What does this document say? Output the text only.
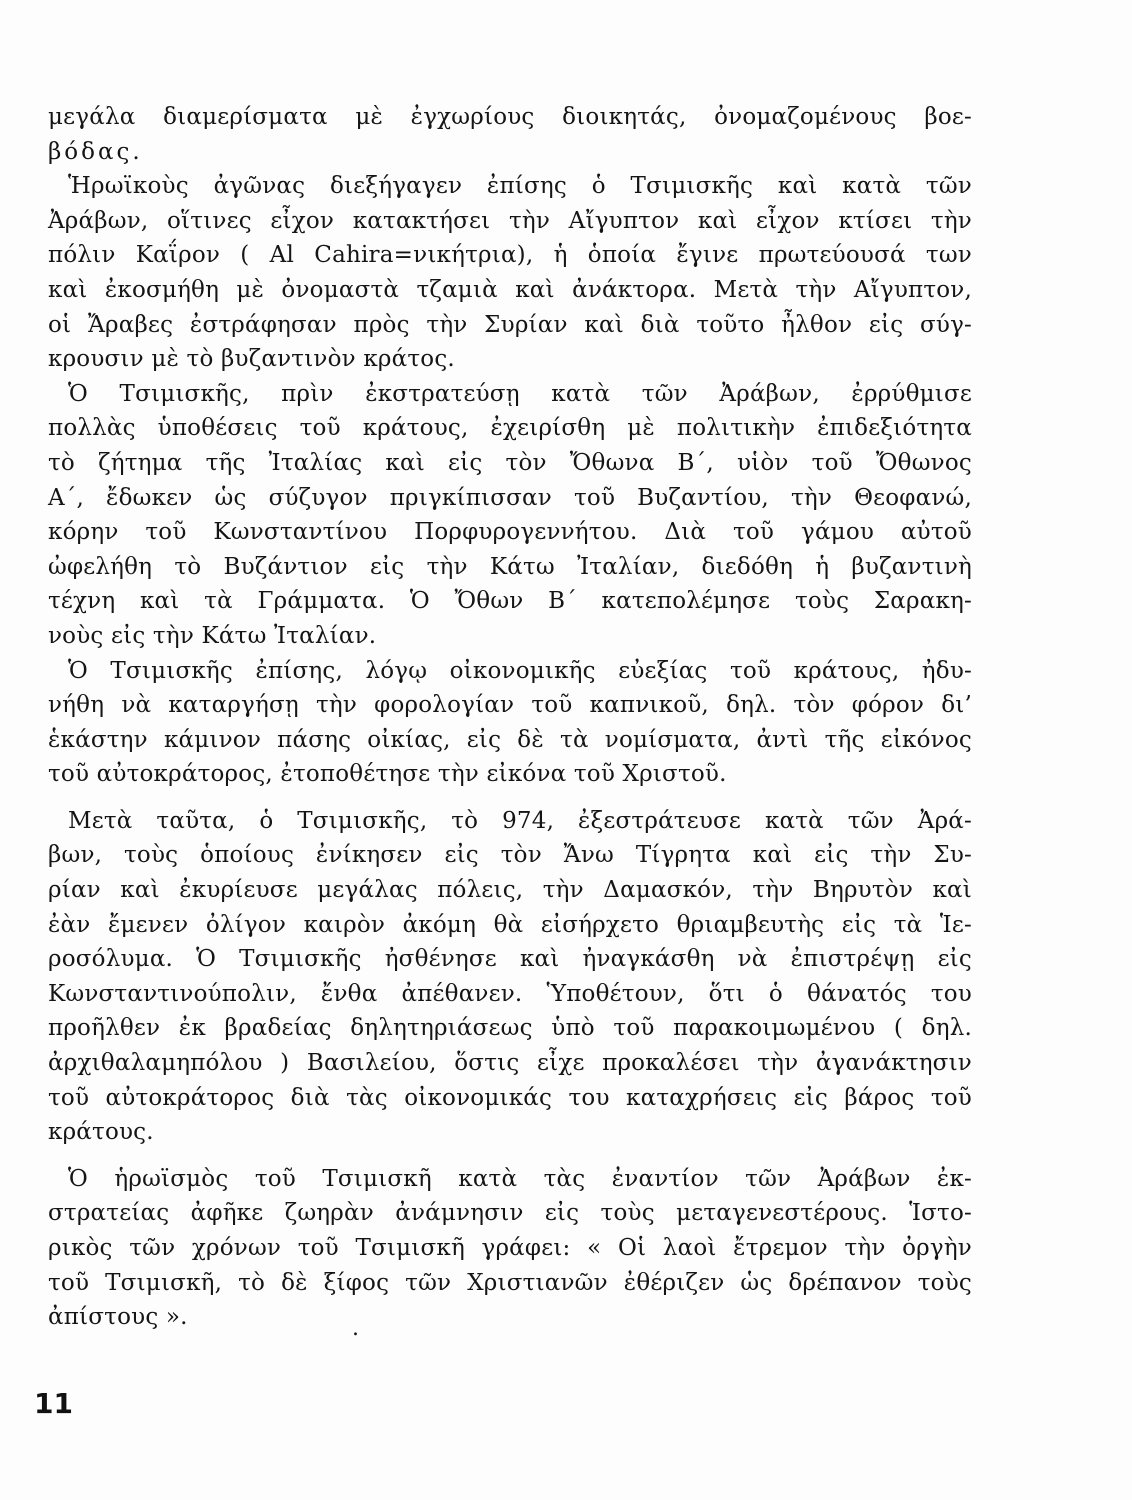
μεγάλα διαμερίσματα μὲ ἐγχωρίους διοικητάς, ὀνομαζομένους βοε-
βόδας.

Ἡρωϊκοὺς ἀγῶνας διεξήγαγεν ἐπίσης ὁ Τσιμισκῆς καὶ κατὰ τῶν
Ἀράβων, οἵτινες εἶχον κατακτήσει τὴν Αἴγυπτον καὶ εἶχον κτίσει τὴν
πόλιν Καΐρον ( Al Cahira=νικήτρια), ἡ ὁποία ἔγινε πρωτεύουσά των
καὶ ἐκοσμήθη μὲ ὀνομαστὰ τζαμιὰ καὶ ἀνάκτορα. Μετὰ τὴν Αἴγυπτον,
οἱ Ἄραβες ἐστράφησαν πρὸς τὴν Συρίαν καὶ διὰ τοῦτο ἦλθον εἰς σύγ-
κρουσιν μὲ τὸ βυζαντινὸν κράτος.

Ὁ Τσιμισκῆς, πρὶν ἐκστρατεύσῃ κατὰ τῶν Ἀράβων, ἐρρύθμισε
πολλὰς ὑποθέσεις τοῦ κράτους, ἐχειρίσθη μὲ πολιτικὴν ἐπιδεξιότητα
τὸ ζήτημα τῆς Ἰταλίας καὶ εἰς τὸν Ὄθωνα Β΄, υἱὸν τοῦ Ὄθωνος
Α΄, ἔδωκεν ὡς σύζυγον πριγκίπισσαν τοῦ Βυζαντίου, τὴν Θεοφανώ,
κόρην τοῦ Κωνσταντίνου Πορφυρογεννήτου. Διὰ τοῦ γάμου αὐτοῦ
ὠφελήθη τὸ Βυζάντιον εἰς τὴν Κάτω Ἰταλίαν, διεδόθη ἡ βυζαντινὴ
τέχνη καὶ τὰ Γράμματα. Ὁ Ὄθων Β΄ κατεπολέμησε τοὺς Σαρακη-
νοὺς εἰς τὴν Κάτω Ἰταλίαν.

Ὁ Τσιμισκῆς ἐπίσης, λόγῳ οἰκονομικῆς εὐεξίας τοῦ κράτους, ἠδυ-
νήθη νὰ καταργήσῃ τὴν φορολογίαν τοῦ καπνικοῦ, δηλ. τὸν φόρον δι’
ἑκάστην κάμινον πάσης οἰκίας, εἰς δὲ τὰ νομίσματα, ἀντὶ τῆς εἰκόνος
τοῦ αὐτοκράτορος, ἐτοποθέτησε τὴν εἰκόνα τοῦ Χριστοῦ.

Μετὰ ταῦτα, ὁ Τσιμισκῆς, τὸ 974, ἐξεστράτευσε κατὰ τῶν Ἀρά-
βων, τοὺς ὁποίους ἐνίκησεν εἰς τὸν Ἄνω Τίγρητα καὶ εἰς τὴν Συ-
ρίαν καὶ ἐκυρίευσε μεγάλας πόλεις, τὴν Δαμασκόν, τὴν Βηρυτὸν καὶ
ἐὰν ἔμενεν ὀλίγον καιρὸν ἀκόμη θὰ εἰσήρχετο θριαμβευτὴς εἰς τὰ Ἱε-
ροσόλυμα. Ὁ Τσιμισκῆς ἠσθένησε καὶ ἠναγκάσθη νὰ ἐπιστρέψῃ εἰς
Κωνσταντινούπολιν, ἔνθα ἀπέθανεν. Ὑποθέτουν, ὅτι ὁ θάνατός του
προῆλθεν ἐκ βραδείας δηλητηριάσεως ὑπὸ τοῦ παρακοιμωμένου ( δηλ.
ἀρχιθαλαμηπόλου ) Βασιλείου, ὅστις εἶχε προκαλέσει τὴν ἀγανάκτησιν
τοῦ αὐτοκράτορος διὰ τὰς οἰκονομικάς του καταχρήσεις εἰς βάρος τοῦ
κράτους.

Ὁ ἡρωϊσμὸς τοῦ Τσιμισκῆ κατὰ τὰς ἐναντίον τῶν Ἀράβων ἐκ-
στρατείας ἀφῆκε ζωηρὰν ἀνάμνησιν εἰς τοὺς μεταγενεστέρους. Ἱστο-
ρικὸς τῶν χρόνων τοῦ Τσιμισκῆ γράφει: « Οἱ λαοὶ ἔτρεμον τὴν ὀργὴν
τοῦ Τσιμισκῆ, τὸ δὲ ξίφος τῶν Χριστιανῶν ἐθέριζεν ὡς δρέπανον τοὺς
ἀπίστους ».	.
11
